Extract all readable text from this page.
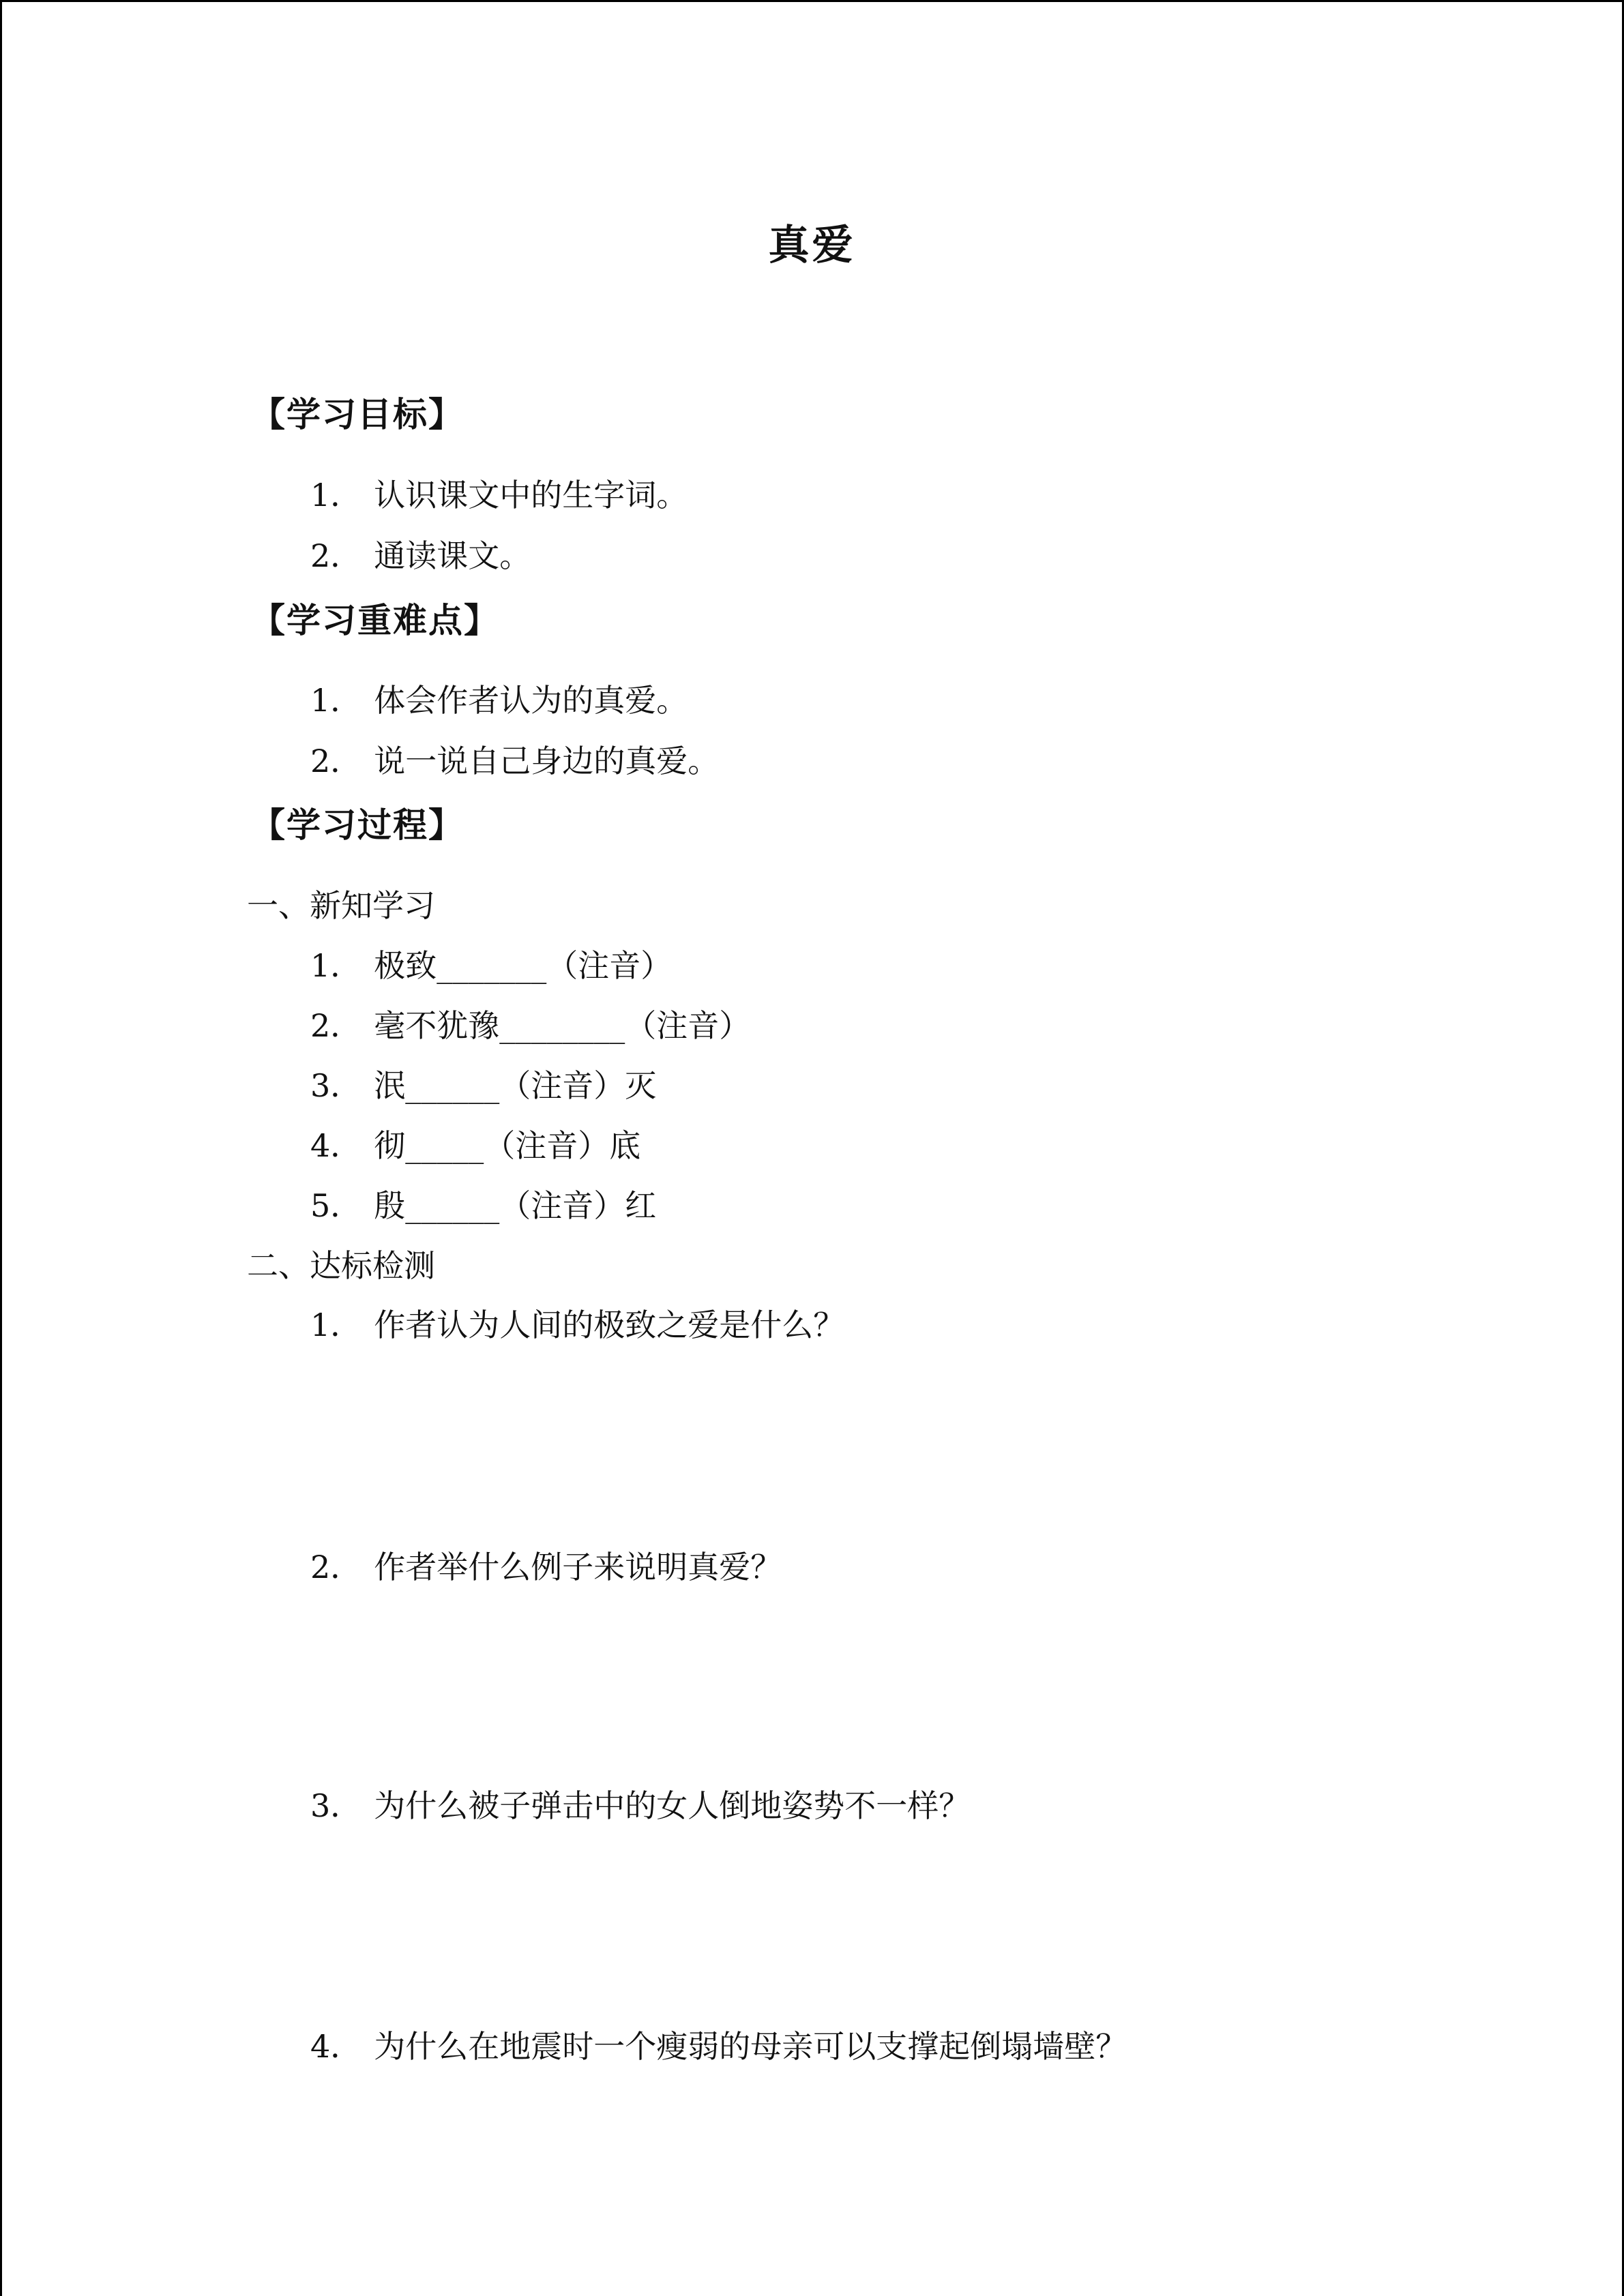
真爱
【学习目标】
1． 认识课文中的生字词。
2． 通读课文。
【学习重难点】
1． 体会作者认为的真爱。
2． 说一说自己身边的真爱。
【学习过程】
一、新知学习
1． 极致_______（注音）
2． 毫不犹豫________（注音）
3． 泯______（注音）灭
4． 彻_____（注音）底
5． 殷______（注音）红
二、达标检测
1． 作者认为人间的极致之爱是什么？
2． 作者举什么例子来说明真爱？
3． 为什么被子弹击中的女人倒地姿势不一样？
4． 为什么在地震时一个瘦弱的母亲可以支撑起倒塌墙壁？
